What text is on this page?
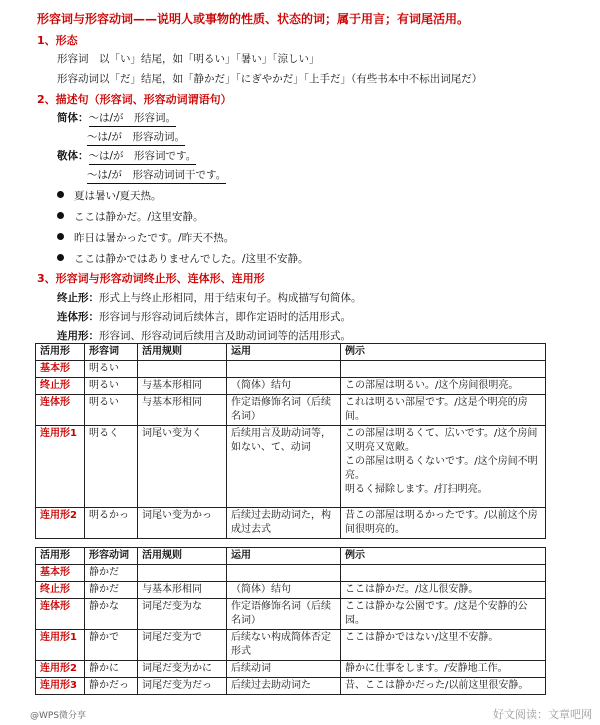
形容词与形容动词——说明人或事物的性质、状态的词；属于用言；有词尾活用。
1、形态
形容词　以「い」结尾，如「明るい」「暑い」「涼しい」
形容动词以「だ」结尾，如「静かだ」「にぎやかだ」「上手だ」（有些书本中不标出词尾だ）
2、描述句（形容词、形容动词谓语句）
简体：～は/が　形容词。
～は/が　形容动词。
敬体：～は/が　形容词です。
～は/が　形容动词词干です。
夏は暑い/夏天热。
ここは静かだ。/这里安静。
昨日は暑かったです。/昨天不热。
ここは静かではありませんでした。/这里不安静。
3、形容词与形容动词终止形、连体形、连用形
终止形：形式上与终止形相同，用于结束句子。构成描写句简体。
连体形：形容词与形容动词后续体言，即作定语时的活用形式。
连用形：形容词、形容动词后续用言及助动词词等的活用形式。
活用形	形容词	活用规则	运用	例示
基本形	明るい			
终止形	明るい	与基本形相同	（简体）结句	この部屋は明るい。/这个房间很明亮。
连体形	明るい	与基本形相同	作定语修饰名词（后续名词）	これは明るい部屋です。/这是个明亮的房间。
连用形1	明るく	词尾い变为く	后续用言及助动词等，如ない、て、动词	この部屋は明るくて、広いです。/这个房间又明亮又宽敞。
この部屋は明るくないです。/这个房间不明亮。
明るく掃除します。/打扫明亮。
连用形2	明るかっ	词尾い变为かっ	后续过去助动词た，构成过去式	昔この部屋は明るかったです。/以前这个房间很明亮的。
活用形	形容动词	活用规则	运用	例示
基本形	静かだ			
终止形	静かだ	与基本形相同	（简体）结句	ここは静かだ。/这儿很安静。
连体形	静かな	词尾だ变为な	作定语修饰名词（后续名词）	ここは静かな公園です。/这是个安静的公园。
连用形1	静かで	词尾だ变为で	后续ない构成简体否定形式	ここは静かではない/这里不安静。
连用形2	静かに	词尾だ变为かに	后续动词	静かに仕事をします。/安静地工作。
连用形3	静かだっ	词尾だ变为だっ	后续过去助动词た	昔、ここは静かだった/以前这里很安静。
@WPS微分享	好文阅读：文章吧网
